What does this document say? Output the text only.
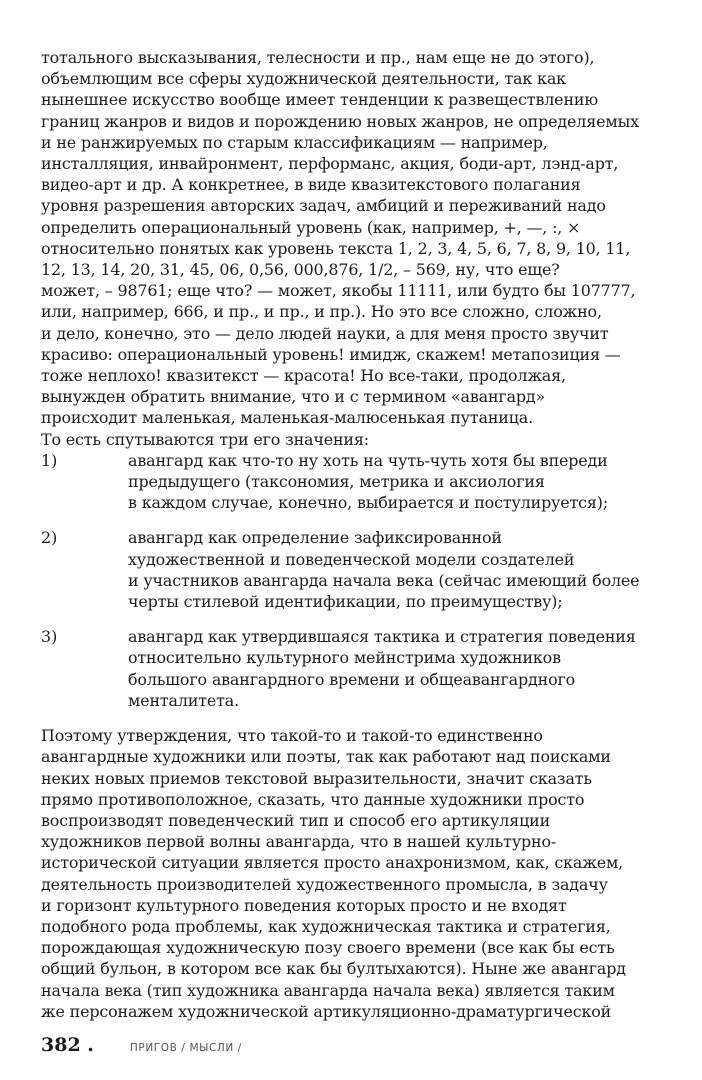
тотального высказывания, телесности и пр., нам еще не до этого),
объемлющим все сферы художнической деятельности, так как
нынешнее искусство вообще имеет тенденции к развеществлению
границ жанров и видов и порождению новых жанров, не определяемых
и не ранжируемых по старым классификациям — например,
инсталляция, инвайронмент, перформанс, акция, боди-арт, лэнд-арт,
видео-арт и др. А конкретнее, в виде квазитекстового полагания
уровня разрешения авторских задач, амбиций и переживаний надо
определить операциональный уровень (как, например, +, —, :, ×
относительно понятых как уровень текста 1, 2, 3, 4, 5, 6, 7, 8, 9, 10, 11,
12, 13, 14, 20, 31, 45, 06, 0,56, 000,876, 1/2, – 569, ну, что еще?
может, – 98761; еще что? — может, якобы 11111, или будто бы 107777,
или, например, 666, и пр., и пр., и пр.). Но это все сложно, сложно,
и дело, конечно, это — дело людей науки, а для меня просто звучит
красиво: операциональный уровень! имидж, скажем! метапозиция —
тоже неплохо! квазитекст — красота! Но все-таки, продолжая,
вынужден обратить внимание, что и с термином «авангард»
происходит маленькая, маленькая-малюсенькая путаница.
То есть спутываются три его значения:
1)	авангард как что-то ну хоть на чуть-чуть хотя бы впереди
предыдущего (таксономия, метрика и аксиология
в каждом случае, конечно, выбирается и постулируется);
2)	авангард как определение зафиксированной
художественной и поведенческой модели создателей
и участников авангарда начала века (сейчас имеющий более
черты стилевой идентификации, по преимуществу);
3)	авангард как утвердившаяся тактика и стратегия поведения
относительно культурного мейнстрима художников
большого авангардного времени и общеавангардного
менталитета.
Поэтому утверждения, что такой-то и такой-то единственно
авангардные художники или поэты, так как работают над поисками
неких новых приемов текстовой выразительности, значит сказать
прямо противоположное, сказать, что данные художники просто
воспроизводят поведенческий тип и способ его артикуляции
художников первой волны авангарда, что в нашей культурно-
исторической ситуации является просто анахронизмом, как, скажем,
деятельность производителей художественного промысла, в задачу
и горизонт культурного поведения которых просто и не входят
подобного рода проблемы, как художническая тактика и стратегия,
порождающая художническую позу своего времени (все как бы есть
общий бульон, в котором все как бы бултыхаются). Ныне же авангард
начала века (тип художника авангарда начала века) является таким
же персонажем художнической артикуляционно-драматургической
382 .	ПРИГОВ / МЫСЛИ /
